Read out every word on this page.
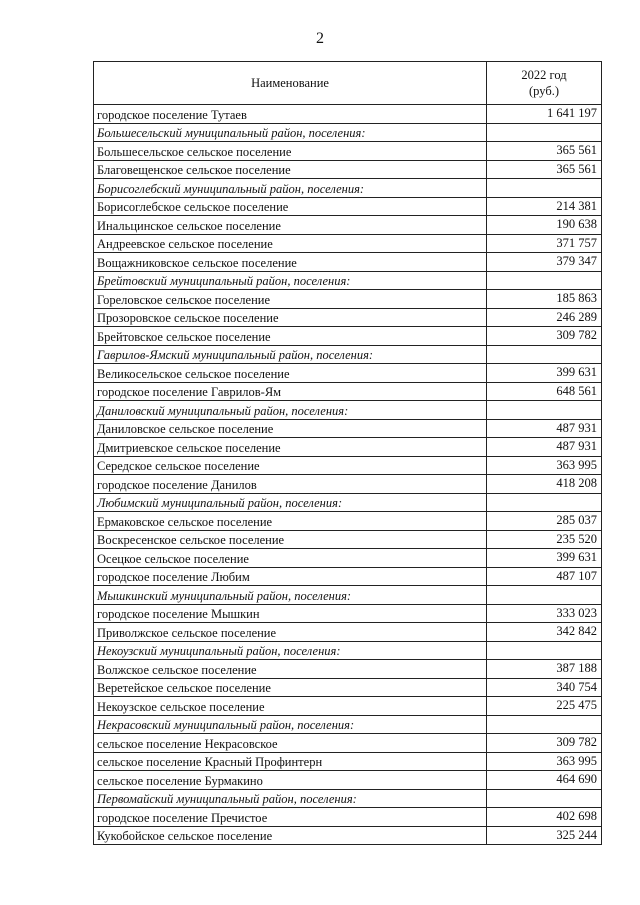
2
Наименование	2022 год
(руб.)
городское поселение Тутаев	1 641 197
Большесельский муниципальный район, поселения:	
Большесельское сельское поселение	365 561
Благовещенское сельское поселение	365 561
Борисоглебский муниципальный район, поселения:	
Борисоглебское сельское поселение	214 381
Инальцинское сельское поселение	190 638
Андреевское сельское поселение	371 757
Вощажниковское сельское поселение	379 347
Брейтовский муниципальный район, поселения:	
Гореловское сельское поселение	185 863
Прозоровское сельское поселение	246 289
Брейтовское сельское поселение	309 782
Гаврилов-Ямский муниципальный район, поселения:	
Великосельское сельское поселение	399 631
городское поселение Гаврилов-Ям	648 561
Даниловский муниципальный район, поселения:	
Даниловское сельское поселение	487 931
Дмитриевское сельское поселение	487 931
Середское сельское поселение	363 995
городское поселение Данилов	418 208
Любимский муниципальный район, поселения:	
Ермаковское сельское поселение	285 037
Воскресенское сельское поселение	235 520
Осецкое сельское поселение	399 631
городское поселение Любим	487 107
Мышкинский муниципальный район, поселения:	
городское поселение Мышкин	333 023
Приволжское сельское поселение	342 842
Некоузский муниципальный район, поселения:	
Волжское сельское поселение	387 188
Веретейское сельское поселение	340 754
Некоузское сельское поселение	225 475
Некрасовский муниципальный район, поселения:	
сельское поселение Некрасовское	309 782
сельское поселение Красный Профинтерн	363 995
сельское поселение Бурмакино	464 690
Первомайский муниципальный район, поселения:	
городское поселение Пречистое	402 698
Кукобойское сельское поселение	325 244
